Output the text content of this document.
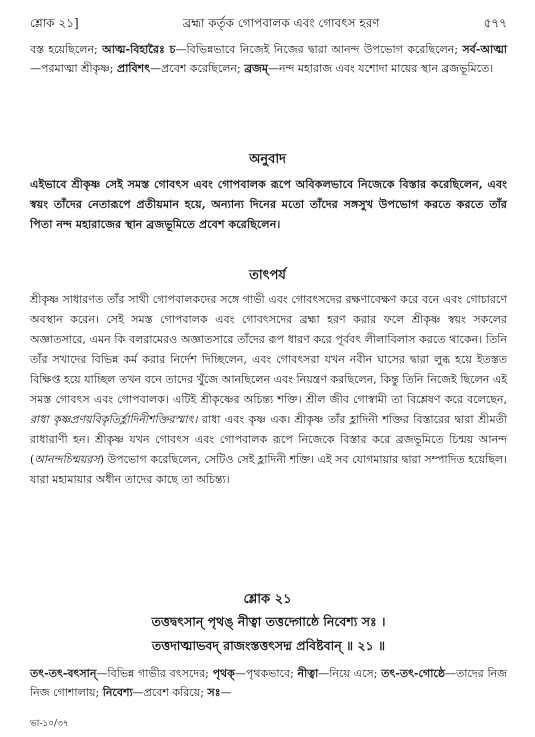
শ্লোক ২১]	ব্রহ্মা কর্তৃক গোপবালক এবং গোবৎস হরণ	৫৭৭

বস্ত হয়েছিলেন; আত্ম-বিহারৈঃ চ—বিভিন্নভাবে নিজেই নিজের দ্বারা আনন্দ উপভোগ করেছিলেন; সর্ব-আত্মা—পরমাত্মা শ্রীকৃষ্ণ; প্রাবিশৎ—প্রবেশ করেছিলেন; ব্রজম্—নন্দ মহারাজ এবং যশোদা মায়ের স্থান ব্রজভূমিতে।

অনুবাদ

এইভাবে শ্রীকৃষ্ণ সেই সমস্ত গোবৎস এবং গোপবালক রূপে অবিকলভাবে নিজেকে বিস্তার করেছিলেন, এবং স্বয়ং তাঁদের নেতারূপে প্রতীয়মান হয়ে, অন্যান্য দিনের মতো তাঁদের সঙ্গসুখ উপভোগ করতে করতে তাঁর পিতা নন্দ মহারাজের স্থান ব্রজভূমিতে প্রবেশ করেছিলেন।

তাৎপর্য

শ্রীকৃষ্ণ সাধারণত তাঁর সাথী গোপবালকদের সঙ্গে গাভী এবং গোবৎসদের রক্ষণাবেক্ষণ করে বনে এবং গোচারণে অবস্থান করেন। সেই সমস্ত গোপবালক এবং গোবৎসদের ব্রহ্মা হরণ করার ফলে শ্রীকৃষ্ণ স্বয়ং সকলের অজ্ঞাতসারে, এমন কি বলরামেরও অজ্ঞাতসারে তাঁদের রূপ ধারণ করে পূর্ববৎ লীলাবিলাস করতে থাকেন। তিনি তাঁর সখাদের বিভিন্ন কর্ম করার নির্দেশ দিচ্ছিলেন, এবং গোবৎসরা যখন নবীন ঘাসের দ্বারা লুব্ধ হয়ে ইতস্তত বিক্ষিপ্ত হয়ে যাচ্ছিল তখন বনে তাদের খুঁজে আনছিলেন এবং নিয়ন্ত্রণ করছিলেন, কিন্তু তিনি নিজেই ছিলেন এই সমস্ত গোবৎস এবং গোপবালক। এটিই শ্রীকৃষ্ণের অচিন্ত্য শক্তি। শ্রীল জীব গোস্বামী তা বিশ্লেষণ করে বলেছেন, রাধা কৃষ্ণপ্রণয়বিকৃতির্হ্লাদিনীশক্তিরস্মাৎ। রাধা এবং কৃষ্ণ এক। শ্রীকৃষ্ণ তাঁর হ্লাদিনী শক্তির বিস্তারের দ্বারা শ্রীমতী রাধারাণী হন। শ্রীকৃষ্ণ যখন গোবৎস এবং গোপবালক রূপে নিজেকে বিস্তার করে ব্রজভূমিতে চিন্ময় আনন্দ (আনন্দচিন্ময়রস) উপভোগ করেছিলেন, সেটিও সেই হ্লাদিনী শক্তি। এই সব যোগমায়ার দ্বারা সম্পাদিত হয়েছিল। যারা মহামায়ার অধীন তাদের কাছে তা অচিন্ত্য।

শ্লোক ২১
তত্তদ্বৎসান্ পৃথঙ্ নীত্বা তত্তদ্গোষ্ঠে নিবেশ্য সঃ ।
তত্তদাত্মাভবদ্ রাজংস্তত্তৎসদ্ম প্রবিষ্টবান্ ॥ ২১ ॥

তৎ-তৎ-বৎসান্—বিভিন্ন গাভীর বৎসদের; পৃথক্—পৃথকভাবে; নীত্বা—নিয়ে এসে; তৎ-তৎ-গোষ্ঠে—তাদের নিজ নিজ গোশালায়; নিবেশ্য—প্রবেশ করিয়ে; সঃ—

ভা-১০/৩৭
